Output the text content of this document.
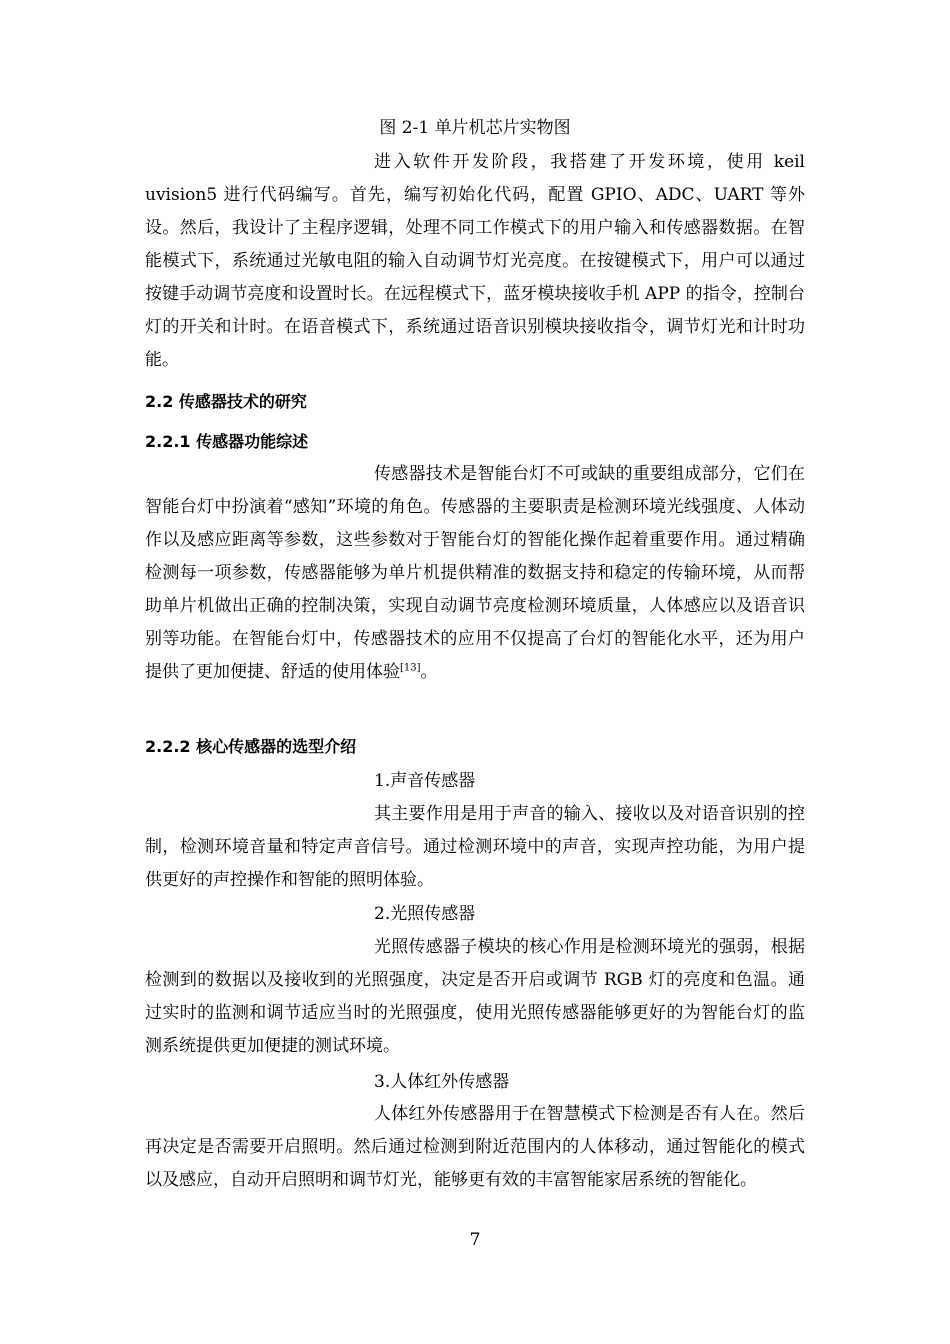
图 2-1 单片机芯片实物图

进入软件开发阶段，我搭建了开发环境，使用 keil uvision5 进行代码编写。首先，编写初始化代码，配置 GPIO、ADC、UART 等外设。然后，我设计了主程序逻辑，处理不同工作模式下的用户输入和传感器数据。在智能模式下，系统通过光敏电阻的输入自动调节灯光亮度。在按键模式下，用户可以通过按键手动调节亮度和设置时长。在远程模式下，蓝牙模块接收手机 APP 的指令，控制台灯的开关和计时。在语音模式下，系统通过语音识别模块接收指令，调节灯光和计时功能。

2.2 传感器技术的研究
2.2.1 传感器功能综述

传感器技术是智能台灯不可或缺的重要组成部分，它们在智能台灯中扮演着“感知”环境的角色。传感器的主要职责是检测环境光线强度、人体动作以及感应距离等参数，这些参数对于智能台灯的智能化操作起着重要作用。通过精确检测每一项参数，传感器能够为单片机提供精准的数据支持和稳定的传输环境，从而帮助单片机做出正确的控制决策，实现自动调节亮度检测环境质量，人体感应以及语音识别等功能。在智能台灯中，传感器技术的应用不仅提高了台灯的智能化水平，还为用户提供了更加便捷、舒适的使用体验[13]。

2.2.2 核心传感器的选型介绍
1.声音传感器

其主要作用是用于声音的输入、接收以及对语音识别的控制，检测环境音量和特定声音信号。通过检测环境中的声音，实现声控功能，为用户提供更好的声控操作和智能的照明体验。

2.光照传感器

光照传感器子模块的核心作用是检测环境光的强弱，根据检测到的数据以及接收到的光照强度，决定是否开启或调节 RGB 灯的亮度和色温。通过实时的监测和调节适应当时的光照强度，使用光照传感器能够更好的为智能台灯的监测系统提供更加便捷的测试环境。

3.人体红外传感器

人体红外传感器用于在智慧模式下检测是否有人在。然后再决定是否需要开启照明。然后通过检测到附近范围内的人体移动，通过智能化的模式以及感应，自动开启照明和调节灯光，能够更有效的丰富智能家居系统的智能化。

7
